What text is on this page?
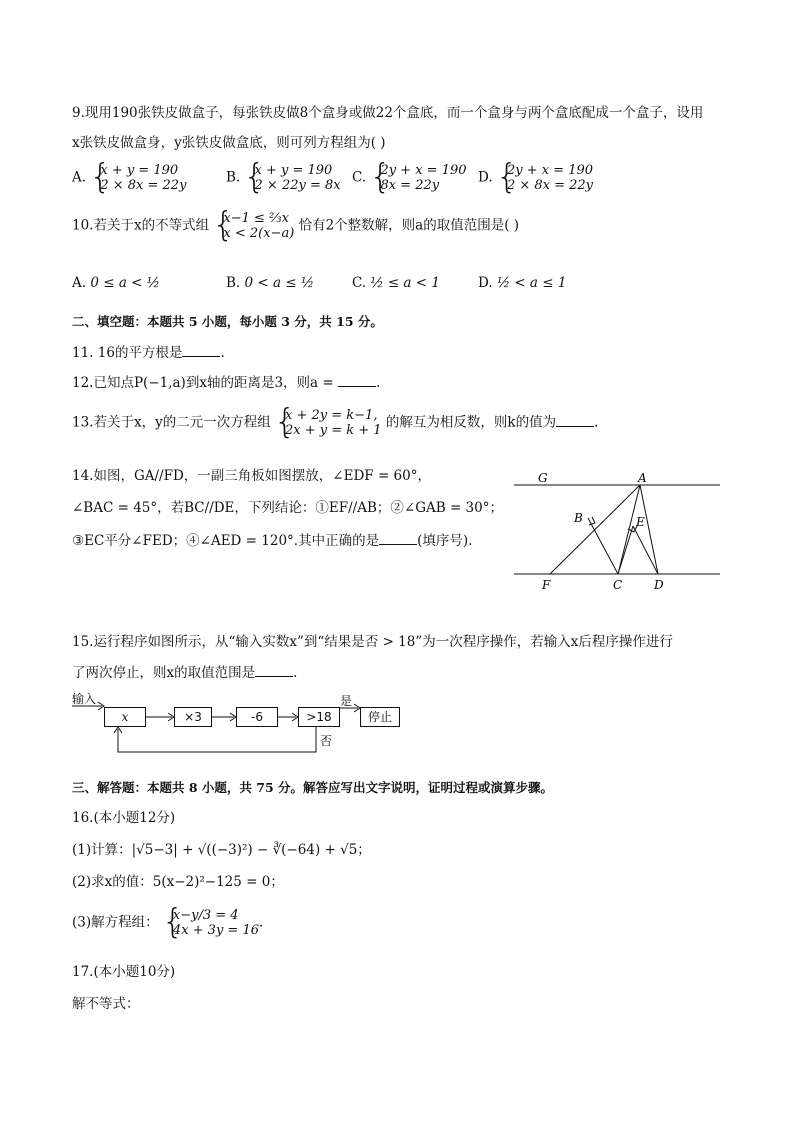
9.现用190张铁皮做盒子，每张铁皮做8个盒身或做22个盒底，而一个盒身与两个盒底配成一个盒子，设用
x张铁皮做盒身，y张铁皮做盒底，则可列方程组为( )
A. { x + y = 190
2 × 8x = 22y	B. { x + y = 190
2 × 22y = 8x C. { 2y + x = 190
8x = 22y	D. { 2y + x = 190
2 × 8x = 22y
10.若关于x的不等式组 { x−1 ≤ ⅔x
x < 2(x−a) 恰有2个整数解，则a的取值范围是( )
A. 0 ≤ a < ½	B. 0 < a ≤ ½	C. ½ ≤ a < 1	D. ½ < a ≤ 1
二、填空题：本题共 5 小题，每小题 3 分，共 15 分。
11. 16的平方根是	.
12.已知点P(−1,a)到x轴的距离是3，则a =	.
13.若关于x，y的二元一次方程组 { x + 2y = k−1,
2x + y = k + 1 的解互为相反数，则k的值为	.
14.如图，GA//FD，一副三角板如图摆放，∠EDF = 60°，
∠BAC = 45°，若BC//DE，下列结论：①EF//AB；②∠GAB = 30°；
③EC平分∠FED；④∠AED = 120°.其中正确的是	(填序号).
G	A
B	E
F	C	D
15.运行程序如图所示，从“输入实数x”到“结果是否 > 18”为一次程序操作，若输入x后程序操作进行
了两次停止，则x的取值范围是	.
输入
x	×3	-6	>18
是
否
停止
三、解答题：本题共 8 小题，共 75 分。解答应写出文字说明，证明过程或演算步骤。
16.(本小题12分)
(1)计算：|√5−3| + √((−3)²) − ∛(−64) + √5；
(2)求x的值：5(x−2)²−125 = 0；
(3)解方程组： { x−y/3 = 4
4x + 3y = 16 .
17.(本小题10分)
解不等式：
